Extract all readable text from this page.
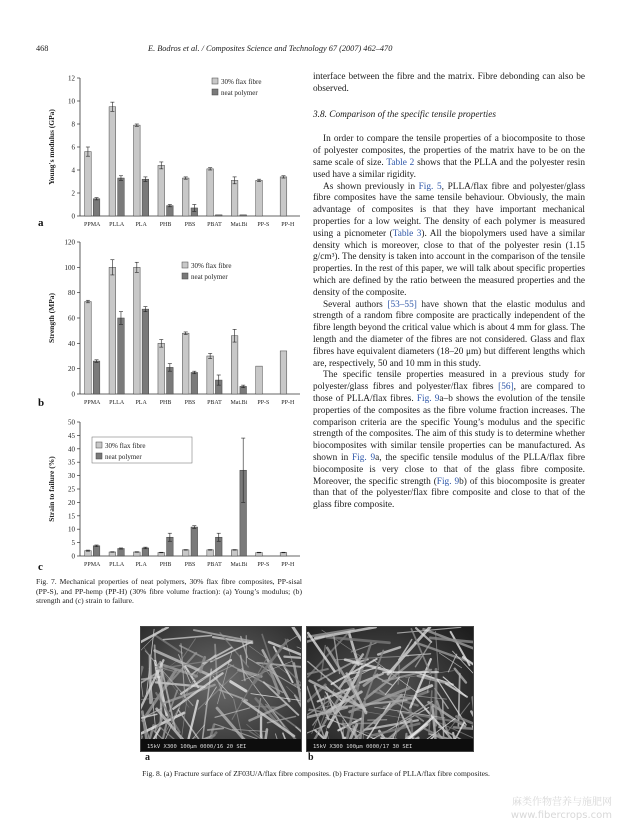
468	E. Bodros et al. / Composites Science and Technology 67 (2007) 462–470
0
2
4
6
8
10
12
Young's modulus (GPa)
a	PPMA PLLA PLA PHB PBS PBAT Mat.Bi PP-S PP-H
30% flax fibre
neat polymer
0
20
40
60
80
100
120
Strength (MPa)
b	PPMA PLLA PLA PHB PBS PBAT Mat.Bi PP-S PP-H
30% flax fibre
neat polymer
0
5
10
15
20
25
30
35
40
45
50
Strain to failure (%)
c	PPMA PLLA PLA PHB PBS PBAT Mat.Bi PP-S PP-H
30% flax fibre
neat polymer
Fig. 7. Mechanical properties of neat polymers, 30% flax fibre composites, PP-sisal (PP-S), and PP-hemp (PP-H) (30% fibre volume fraction): (a) Young’s modulus; (b) strength and (c) strain to failure.

interface between the fibre and the matrix. Fibre debonding can also be observed.

3.8. Comparison of the specific tensile properties

In order to compare the tensile properties of a biocomposite to those of polyester composites, the properties of the matrix have to be on the same scale of size. Table 2 shows that the PLLA and the polyester resin used have a similar rigidity.

As shown previously in Fig. 5, PLLA/flax fibre and polyester/glass fibre composites have the same tensile behaviour. Obviously, the main advantage of composites is that they have important mechanical properties for a low weight. The density of each polymer is measured using a picnometer (Table 3). All the biopolymers used have a similar density which is moreover, close to that of the polyester resin (1.15 g/cm³). The density is taken into account in the comparison of the tensile properties. In the rest of this paper, we will talk about specific properties which are defined by the ratio between the measured properties and the density of the composite.

Several authors [53–55] have shown that the elastic modulus and strength of a random fibre composite are practically independent of the fibre length beyond the critical value which is about 4 mm for glass. The length and the diameter of the fibres are not considered. Glass and flax fibres have equivalent diameters (18–20 μm) but different lengths which are, respectively, 50 and 10 mm in this study.

The specific tensile properties measured in a previous study for polyester/glass fibres and polyester/flax fibres [56], are compared to those of PLLA/flax fibres. Fig. 9a–b shows the evolution of the tensile properties of the composites as the fibre volume fraction increases. The comparison criteria are the specific Young’s modulus and the specific strength of the composites. The aim of this study is to determine whether biocomposites with similar tensile properties can be manufactured. As shown in Fig. 9a, the specific tensile modulus of the PLLA/flax fibre biocomposite is very close to that of the glass fibre composite. Moreover, the specific strength (Fig. 9b) of this biocomposite is greater than that of the polyester/flax fibre composite and close to that of the glass fibre composite.

15kV X300 100μm 0000/16 20 SEI	15kV X300 100μm 0000/17 30 SEI
a	b
Fig. 8. (a) Fracture surface of ZF03U/A/flax fibre composites. (b) Fracture surface of PLLA/flax fibre composites.
麻类作物营养与施肥网
www.fibercrops.com
